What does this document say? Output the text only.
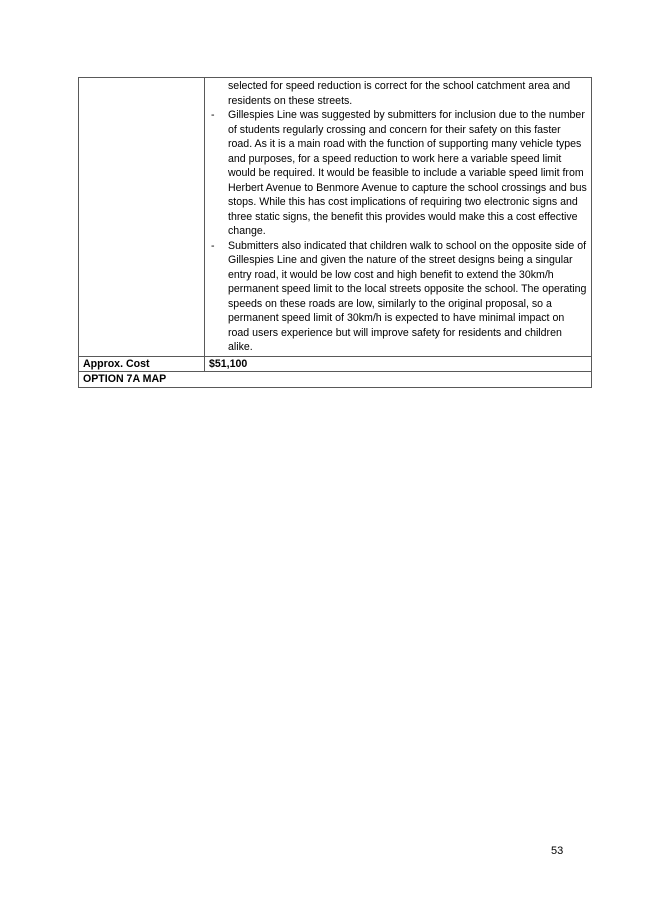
	selected for speed reduction is correct for the school catchment area and residents on these streets.

- Gillespies Line was suggested by submitters for inclusion due to the number of students regularly crossing and concern for their safety on this faster road. As it is a main road with the function of supporting many vehicle types and purposes, for a speed reduction to work here a variable speed limit would be required. It would be feasible to include a variable speed limit from Herbert Avenue to Benmore Avenue to capture the school crossings and bus stops. While this has cost implications of requiring two electronic signs and three static signs, the benefit this provides would make this a cost effective change.

- Submitters also indicated that children walk to school on the opposite side of Gillespies Line and given the nature of the street designs being a singular entry road, it would be low cost and high benefit to extend the 30km/h permanent speed limit to the local streets opposite the school. The operating speeds on these roads are low, similarly to the original proposal, so a permanent speed limit of 30km/h is expected to have minimal impact on road users experience but will improve safety for residents and children alike.

Approx. Cost	$51,100
OPTION 7A MAP	
53
